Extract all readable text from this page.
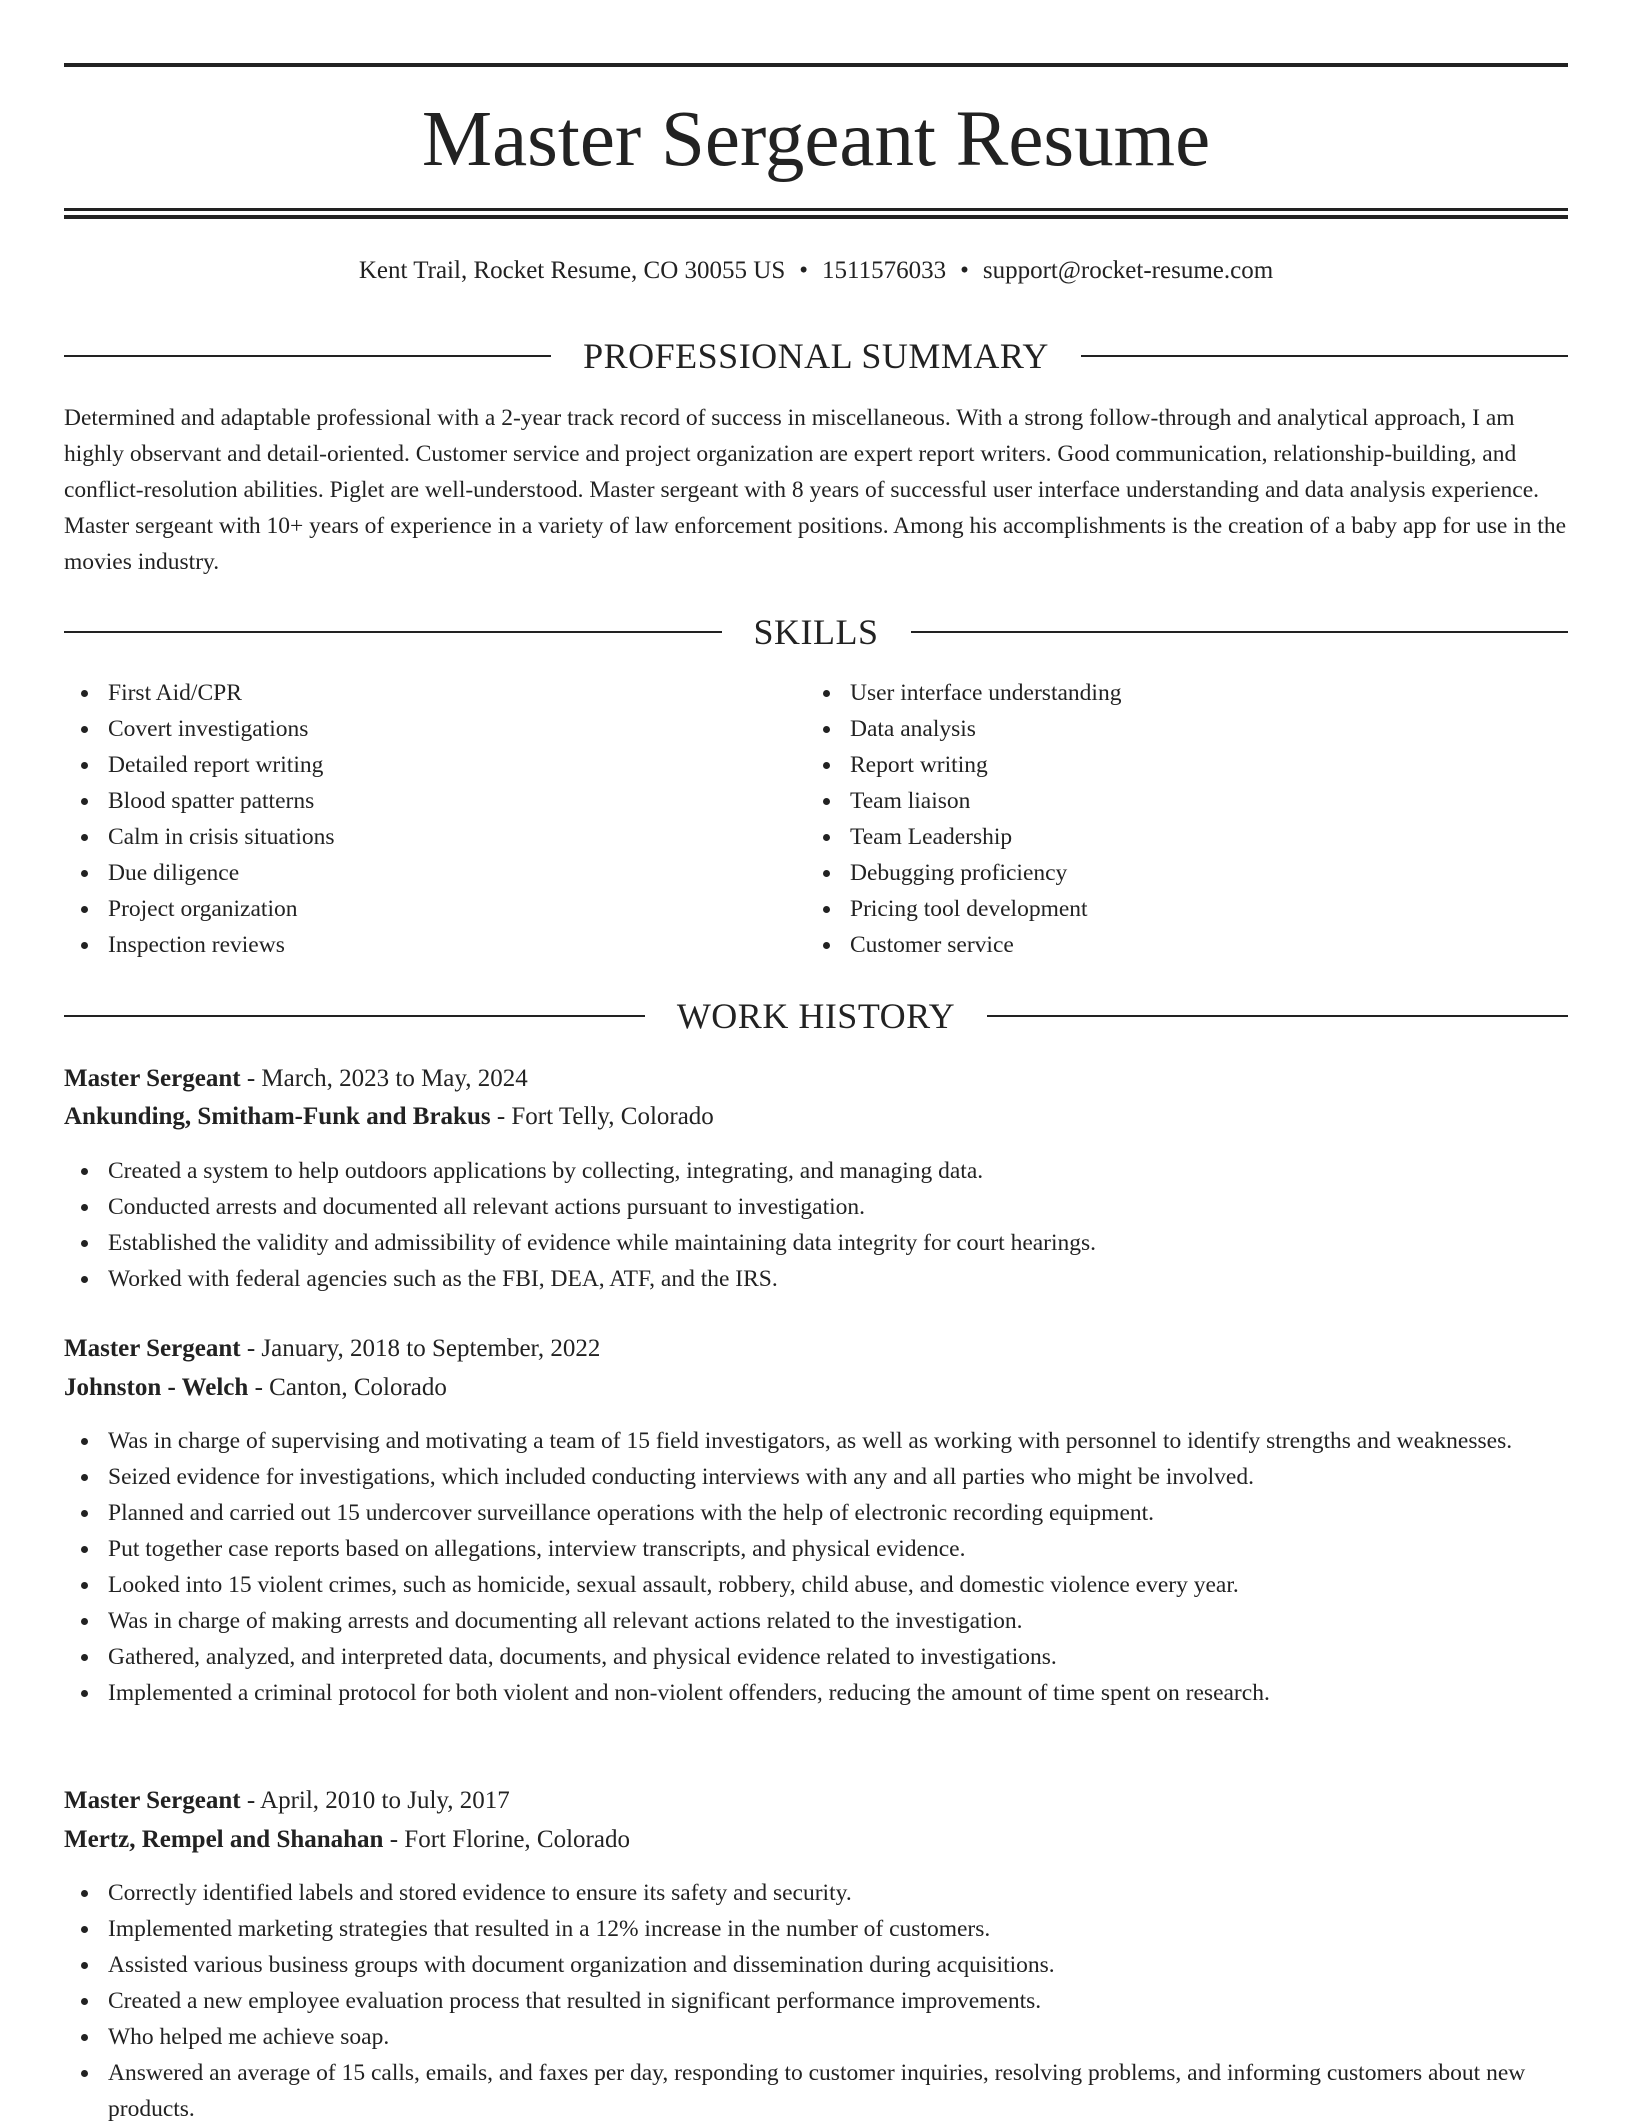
Master Sergeant Resume
Kent Trail, Rocket Resume, CO 30055 US • 1511576033 • support@rocket-resume.com
PROFESSIONAL SUMMARY

Determined and adaptable professional with a 2-year track record of success in miscellaneous. With a strong follow-through and analytical approach, I am highly observant and detail-oriented. Customer service and project organization are expert report writers. Good communication, relationship-building, and conflict-resolution abilities. Piglet are well-understood. Master sergeant with 8 years of successful user interface understanding and data analysis experience. Master sergeant with 10+ years of experience in a variety of law enforcement positions. Among his accomplishments is the creation of a baby app for use in the movies industry.

SKILLS
First Aid/CPR
Covert investigations
Detailed report writing
Blood spatter patterns
Calm in crisis situations
Due diligence
Project organization
Inspection reviews
User interface understanding
Data analysis
Report writing
Team liaison
Team Leadership
Debugging proficiency
Pricing tool development
Customer service
WORK HISTORY
Master Sergeant - March, 2023 to May, 2024
Ankunding, Smitham-Funk and Brakus - Fort Telly, Colorado
Created a system to help outdoors applications by collecting, integrating, and managing data.
Conducted arrests and documented all relevant actions pursuant to investigation.
Established the validity and admissibility of evidence while maintaining data integrity for court hearings.
Worked with federal agencies such as the FBI, DEA, ATF, and the IRS.
Master Sergeant - January, 2018 to September, 2022
Johnston - Welch - Canton, Colorado
Was in charge of supervising and motivating a team of 15 field investigators, as well as working with personnel to identify strengths and weaknesses.
Seized evidence for investigations, which included conducting interviews with any and all parties who might be involved.
Planned and carried out 15 undercover surveillance operations with the help of electronic recording equipment.
Put together case reports based on allegations, interview transcripts, and physical evidence.
Looked into 15 violent crimes, such as homicide, sexual assault, robbery, child abuse, and domestic violence every year.
Was in charge of making arrests and documenting all relevant actions related to the investigation.
Gathered, analyzed, and interpreted data, documents, and physical evidence related to investigations.
Implemented a criminal protocol for both violent and non-violent offenders, reducing the amount of time spent on research.
Master Sergeant - April, 2010 to July, 2017
Mertz, Rempel and Shanahan - Fort Florine, Colorado
Correctly identified labels and stored evidence to ensure its safety and security.
Implemented marketing strategies that resulted in a 12% increase in the number of customers.
Assisted various business groups with document organization and dissemination during acquisitions.
Created a new employee evaluation process that resulted in significant performance improvements.
Who helped me achieve soap.
Answered an average of 15 calls, emails, and faxes per day, responding to customer inquiries, resolving problems, and informing customers about new products.
